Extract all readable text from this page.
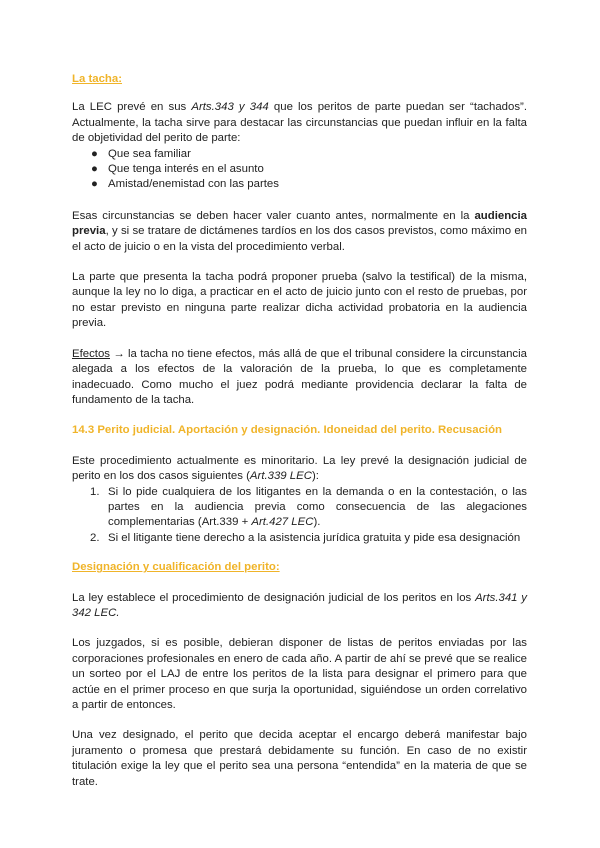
La tacha:

La LEC prevé en sus Arts.343 y 344 que los peritos de parte puedan ser “tachados”. Actualmente, la tacha sirve para destacar las circunstancias que puedan influir en la falta de objetividad del perito de parte:

● Que sea familiar
● Que tenga interés en el asunto
● Amistad/enemistad con las partes

Esas circunstancias se deben hacer valer cuanto antes, normalmente en la audiencia previa, y si se tratare de dictámenes tardíos en los dos casos previstos, como máximo en el acto de juicio o en la vista del procedimiento verbal.

La parte que presenta la tacha podrá proponer prueba (salvo la testifical) de la misma, aunque la ley no lo diga, a practicar en el acto de juicio junto con el resto de pruebas, por no estar previsto en ninguna parte realizar dicha actividad probatoria en la audiencia previa.

Efectos → la tacha no tiene efectos, más allá de que el tribunal considere la circunstancia alegada a los efectos de la valoración de la prueba, lo que es completamente inadecuado. Como mucho el juez podrá mediante providencia declarar la falta de fundamento de la tacha.

14.3 Perito judicial. Aportación y designación. Idoneidad del perito. Recusación

Este procedimiento actualmente es minoritario. La ley prevé la designación judicial de perito en los dos casos siguientes (Art.339 LEC):

1. Si lo pide cualquiera de los litigantes en la demanda o en la contestación, o las partes en la audiencia previa como consecuencia de las alegaciones complementarias (Art.339 + Art.427 LEC).
2. Si el litigante tiene derecho a la asistencia jurídica gratuita y pide esa designación

Designación y cualificación del perito:

La ley establece el procedimiento de designación judicial de los peritos en los Arts.341 y 342 LEC.

Los juzgados, si es posible, debieran disponer de listas de peritos enviadas por las corporaciones profesionales en enero de cada año. A partir de ahí se prevé que se realice un sorteo por el LAJ de entre los peritos de la lista para designar el primero para que actúe en el primer proceso en que surja la oportunidad, siguiéndose un orden correlativo a partir de entonces.

Una vez designado, el perito que decida aceptar el encargo deberá manifestar bajo juramento o promesa que prestará debidamente su función. En caso de no existir titulación exige la ley que el perito sea una persona “entendida” en la materia de que se trate.
